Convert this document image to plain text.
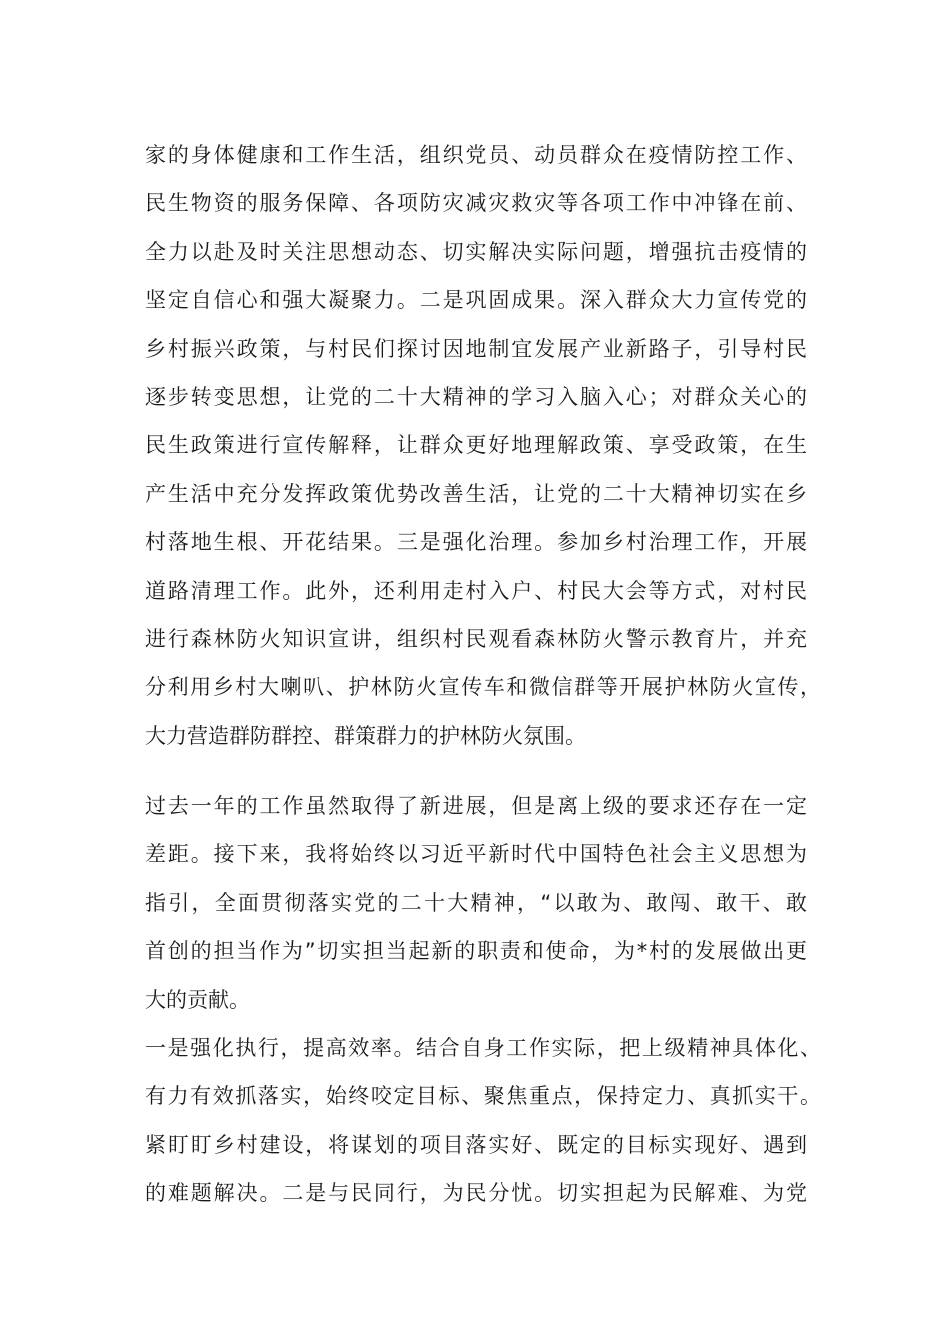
家的身体健康和工作生活，组织党员、动员群众在疫情防控工作、
民生物资的服务保障、各项防灾减灾救灾等各项工作中冲锋在前、
全力以赴及时关注思想动态、切实解决实际问题，增强抗击疫情的
坚定自信心和强大凝聚力。二是巩固成果。深入群众大力宣传党的
乡村振兴政策，与村民们探讨因地制宜发展产业新路子，引导村民
逐步转变思想，让党的二十大精神的学习入脑入心；对群众关心的
民生政策进行宣传解释，让群众更好地理解政策、享受政策，在生
产生活中充分发挥政策优势改善生活，让党的二十大精神切实在乡
村落地生根、开花结果。三是强化治理。参加乡村治理工作，开展
道路清理工作。此外，还利用走村入户、村民大会等方式，对村民
进行森林防火知识宣讲，组织村民观看森林防火警示教育片，并充
分利用乡村大喇叭、护林防火宣传车和微信群等开展护林防火宣传，
大力营造群防群控、群策群力的护林防火氛围。
过去一年的工作虽然取得了新进展，但是离上级的要求还存在一定
差距。接下来，我将始终以习近平新时代中国特色社会主义思想为
指引，全面贯彻落实党的二十大精神，“以敢为、敢闯、敢干、敢
首创的担当作为”切实担当起新的职责和使命，为*村的发展做出更
大的贡献。
一是强化执行，提高效率。结合自身工作实际，把上级精神具体化、
有力有效抓落实，始终咬定目标、聚焦重点，保持定力、真抓实干。
紧盯盯乡村建设，将谋划的项目落实好、既定的目标实现好、遇到
的难题解决。二是与民同行，为民分忧。切实担起为民解难、为党
